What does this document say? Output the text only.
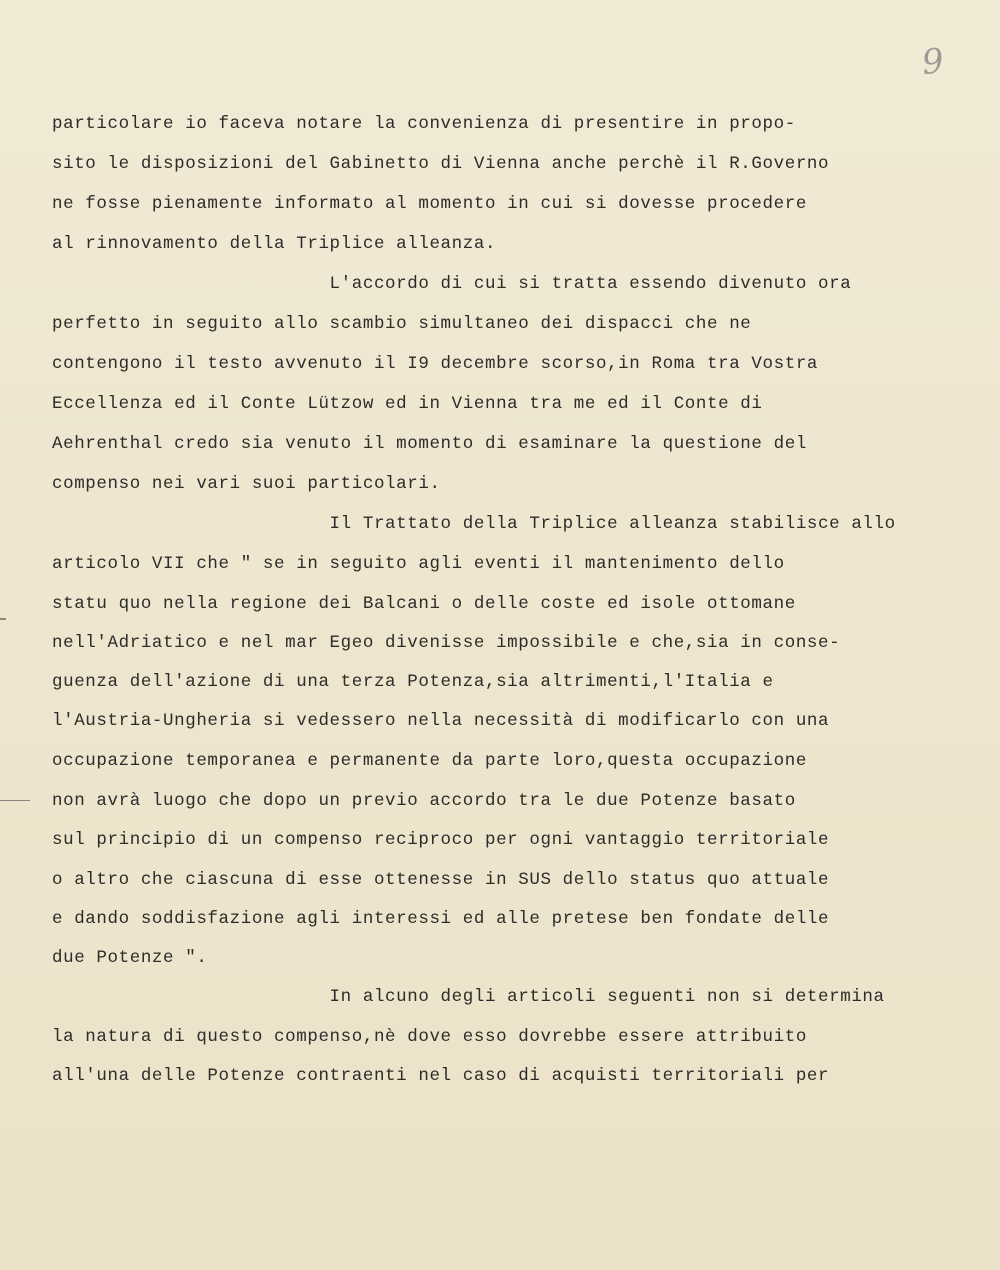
9
particolare io faceva notare la convenienza di presentire in propo-
sito le disposizioni del Gabinetto di Vienna anche perchè il R.Governo
ne fosse pienamente informato al momento in cui si dovesse procedere
al rinnovamento della Triplice alleanza.
L'accordo di cui si tratta essendo divenuto ora
perfetto in seguito allo scambio simultaneo dei dispacci che ne
contengono il testo avvenuto il I9 decembre scorso,in Roma tra Vostra
Eccellenza ed il Conte Lützow ed in Vienna tra me ed il Conte di
Aehrenthal credo sia venuto il momento di esaminare la questione del
compenso nei vari suoi particolari.
Il Trattato della Triplice alleanza stabilisce allo
articolo VII che " se in seguito agli eventi il mantenimento dello
statu quo nella regione dei Balcani o delle coste ed isole ottomane
nell'Adriatico e nel mar Egeo divenisse impossibile e che,sia in conse-
guenza dell'azione di una terza Potenza,sia altrimenti,l'Italia e
l'Austria-Ungheria si vedessero nella necessità di modificarlo con una
occupazione temporanea e permanente da parte loro,questa occupazione
non avrà luogo che dopo un previo accordo tra le due Potenze basato
sul principio di un compenso reciproco per ogni vantaggio territoriale
o altro che ciascuna di esse ottenesse in SUS dello status quo attuale
e dando soddisfazione agli interessi ed alle pretese ben fondate delle
due Potenze ".
In alcuno degli articoli seguenti non si determina
la natura di questo compenso,nè dove esso dovrebbe essere attribuito
all'una delle Potenze contraenti nel caso di acquisti territoriali per
